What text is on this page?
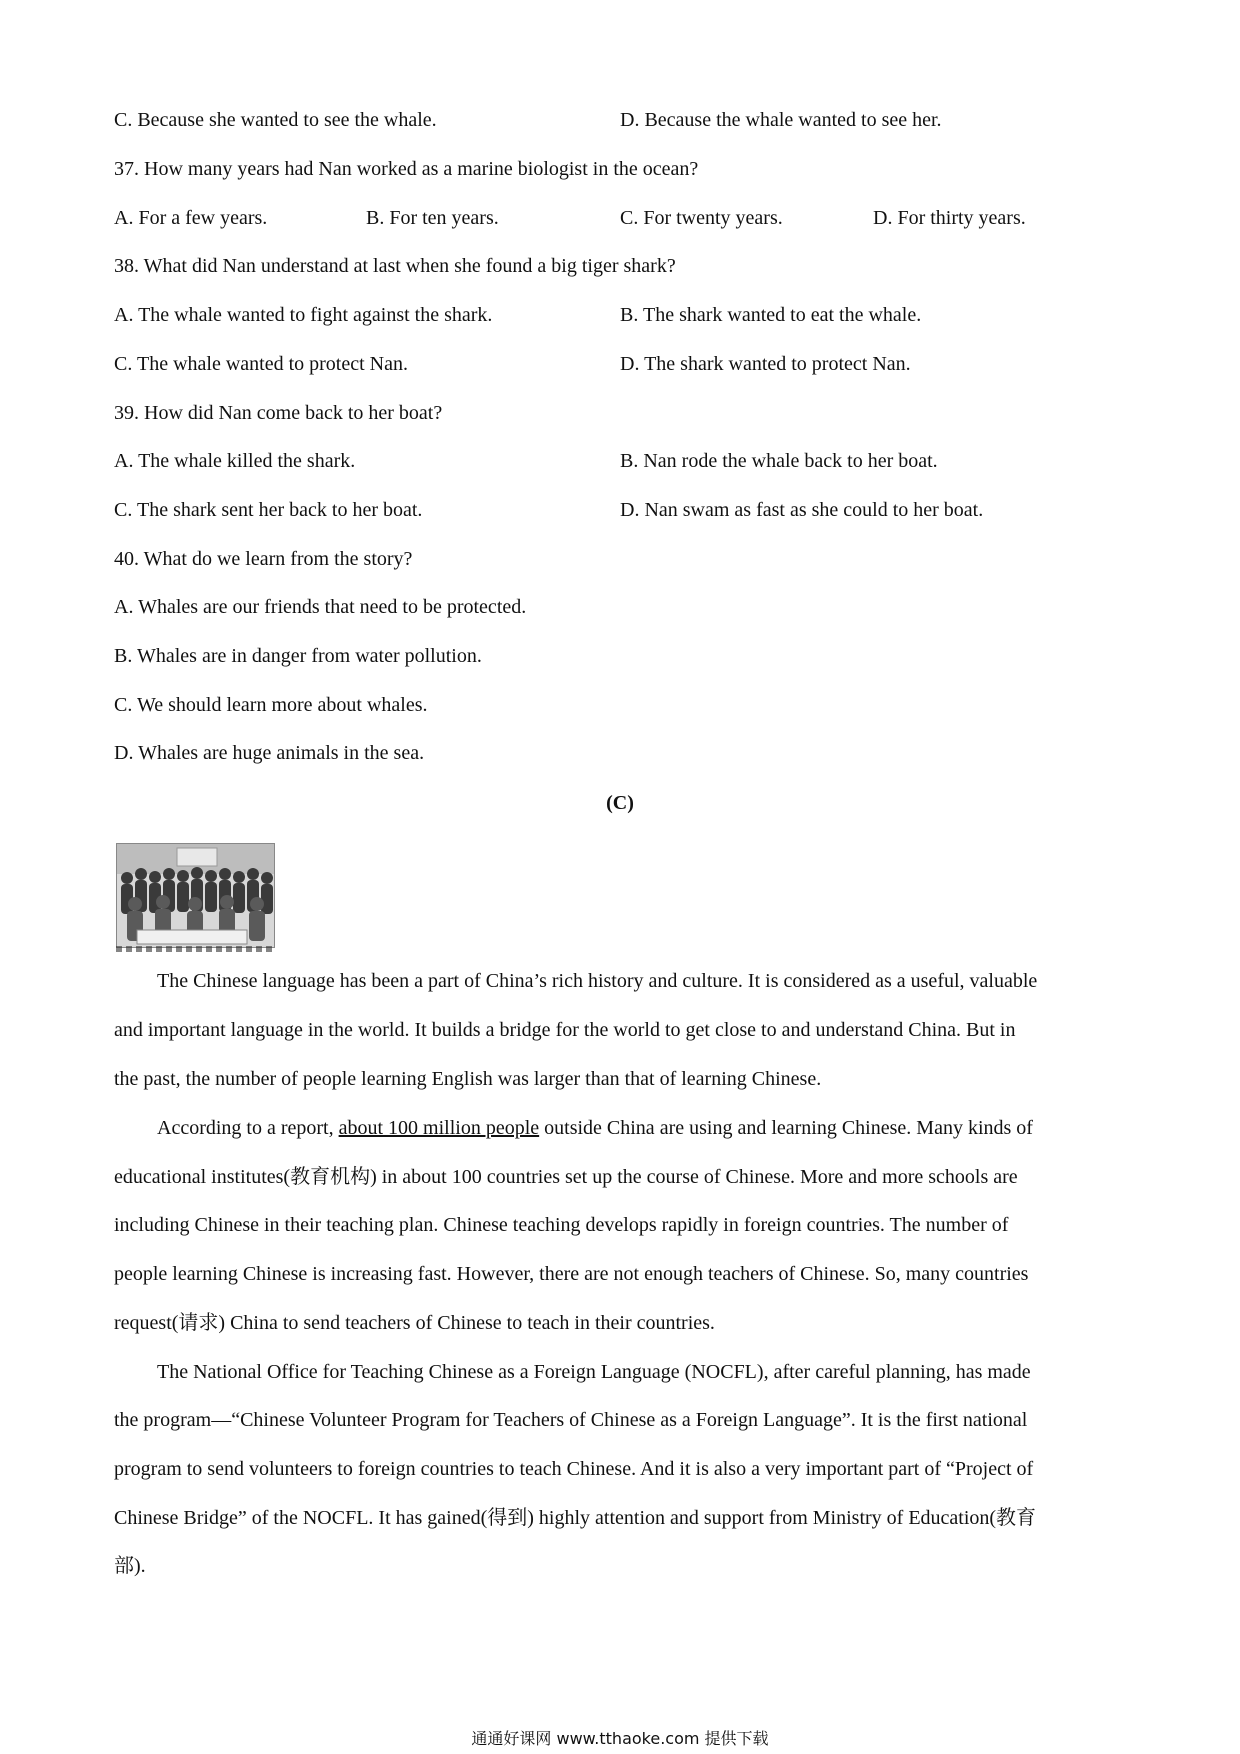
C. Because she wanted to see the whale.	D. Because the whale wanted to see her.
37. How many years had Nan worked as a marine biologist in the ocean?
A. For a few years.	B. For ten years.	C. For twenty years.	D. For thirty years.
38. What did Nan understand at last when she found a big tiger shark?
A. The whale wanted to fight against the shark.	B. The shark wanted to eat the whale.
C. The whale wanted to protect Nan.	D. The shark wanted to protect Nan.
39. How did Nan come back to her boat?
A. The whale killed the shark.	B. Nan rode the whale back to her boat.
C. The shark sent her back to her boat.	D. Nan swam as fast as she could to her boat.
40. What do we learn from the story?
A. Whales are our friends that need to be protected.
B. Whales are in danger from water pollution.
C. We should learn more about whales.
D. Whales are huge animals in the sea.
(C)
The Chinese language has been a part of China’s rich history and culture. It is considered as a useful, valuable
and important language in the world. It builds a bridge for the world to get close to and understand China. But in
the past, the number of people learning English was larger than that of learning Chinese.
According to a report, about 100 million people outside China are using and learning Chinese. Many kinds of
educational institutes(教育机构) in about 100 countries set up the course of Chinese. More and more schools are
including Chinese in their teaching plan. Chinese teaching develops rapidly in foreign countries. The number of
people learning Chinese is increasing fast. However, there are not enough teachers of Chinese. So, many countries
request(请求) China to send teachers of Chinese to teach in their countries.
The National Office for Teaching Chinese as a Foreign Language (NOCFL), after careful planning, has made
the program—“Chinese Volunteer Program for Teachers of Chinese as a Foreign Language”. It is the first national
program to send volunteers to foreign countries to teach Chinese. And it is also a very important part of “Project of
Chinese Bridge” of the NOCFL. It has gained(得到) highly attention and support from Ministry of Education(教育
部).
通通好课网 www.tthaoke.com 提供下载
